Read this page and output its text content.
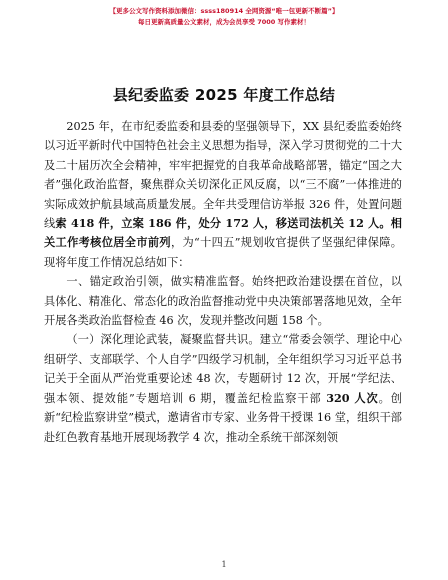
【更多公文写作资料添加微信：ssss180914 全网资源“唯一包更新不断篇”】
每日更新高质量公文素材，成为会员享受 7000 写作素材！
县纪委监委 2025 年度工作总结

2025 年，在市纪委监委和县委的坚强领导下，XX 县纪委监委始终以习近平新时代中国特色社会主义思想为指导，深入学习贯彻党的二十大及二十届历次全会精神，牢牢把握党的自我革命战略部署，锚定“国之大者”强化政治监督，聚焦群众关切深化正风反腐，以“三不腐”一体推进的实际成效护航县域高质量发展。全年共受理信访举报 326 件，处置问题线索 418 件，立案 186 件，处分 172 人，移送司法机关 12 人。相关工作考核位居全市前列，为“十四五”规划收官提供了坚强纪律保障。现将年度工作情况总结如下：

一、锚定政治引领，做实精准监督。始终把政治建设摆在首位，以具体化、精准化、常态化的政治监督推动党中央决策部署落地见效，全年开展各类政治监督检查 46 次，发现并整改问题 158 个。

（一）深化理论武装，凝聚监督共识。建立“常委会领学、理论中心组研学、支部联学、个人自学”四级学习机制，全年组织学习习近平总书记关于全面从严治党重要论述 48 次，专题研讨 12 次，开展“学纪法、强本领、提效能”专题培训 6 期，覆盖纪检监察干部 320 人次。创新“纪检监察讲堂”模式，邀请省市专家、业务骨干授课 16 堂，组织干部赴红色教育基地开展现场教学 4 次，推动全系统干部深刻领

1
